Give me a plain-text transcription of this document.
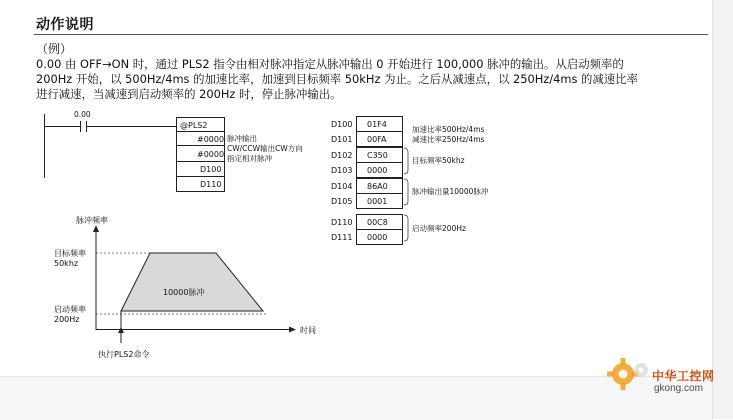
动作说明
（例）
0.00 由 OFF→ON 时，通过 PLS2 指令由相对脉冲指定从脉冲输出 0 开始进行 100,000 脉冲的输出。从启动频率的
200Hz 开始，以 500Hz/4ms 的加速比率，加速到目标频率 50kHz 为止。之后从减速点，以 250Hz/4ms 的减速比率
进行减速，当减速到启动频率的 200Hz 时，停止脉冲输出。
0.00
@PLS2
#0000
#0000
D100
D110
脉冲输出
CW/CCW输出CW方向 指定相对脉冲
D100
D101
D102
D103
D104
D105
01F4
00FA
C350
0000
86A0
0001
加速比率500Hz/4ms
减速比率250Hz/4ms
目标频率50khz
脉冲输出量10000脉冲
D110
D111
00C8
0000
启动频率200Hz
脉冲频率
目标频率
50khz
启动频率
200Hz
10000脉冲
时间
执行PLS2命令
中华工控网
gkong.com
